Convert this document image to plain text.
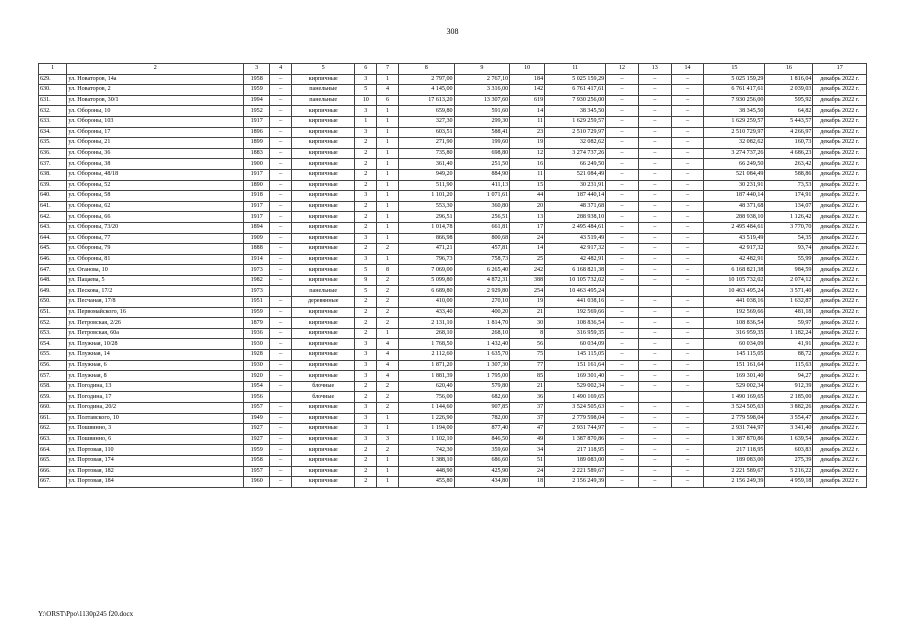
308
1	2	3	4	5	6	7	8	9	10	11	12	13	14	15	16	17
629.	ул. Новаторов, 14а	1958	–	кирпичные	3	1	2 797,00	2 767,10	184	5 025 159,29	–	–	–	5 025 159,29	1 816,04	декабрь 2022 г.
630.	ул. Новаторов, 2	1959	–	панельные	5	4	4 145,00	3 316,00	142	6 761 417,61	–	–	–	6 761 417,61	2 039,03	декабрь 2022 г.
631.	ул. Новаторов, 30/1	1994	–	панельные	10	6	17 613,20	13 307,60	619	7 930 256,00	–	–	–	7 930 256,00	595,92	декабрь 2022 г.
632.	ул. Обороны, 10	1952	–	кирпичные	3	1	659,80	591,60	14	38 345,50	–	–	–	38 345,50	64,82	декабрь 2022 г.
633.	ул. Обороны, 103	1917	–	кирпичные	1	1	327,30	299,30	11	1 629 259,57	–	–	–	1 629 259,57	5 443,57	декабрь 2022 г.
634.	ул. Обороны, 17	1896	–	кирпичные	3	1	603,51	588,41	23	2 510 729,97	–	–	–	2 510 729,97	4 266,97	декабрь 2022 г.
635.	ул. Обороны, 21	1899	–	кирпичные	2	1	271,90	199,60	19	32 082,62	–	–	–	32 082,62	160,73	декабрь 2022 г.
636.	ул. Обороны, 36	1883	–	кирпичные	2	1	735,80	698,80	12	3 274 737,26	–	–	–	3 274 737,26	4 686,23	декабрь 2022 г.
637.	ул. Обороны, 38	1900	–	кирпичные	2	1	361,40	251,50	16	66 249,50	–	–	–	66 249,50	263,42	декабрь 2022 г.
638.	ул. Обороны, 48/18	1917	–	кирпичные	2	1	949,20	884,90	11	521 084,49	–	–	–	521 084,49	588,86	декабрь 2022 г.
639.	ул. Обороны, 52	1890	–	кирпичные	2	1	511,90	411,13	15	30 231,91	–	–	–	30 231,91	73,53	декабрь 2022 г.
640.	ул. Обороны, 58	1918	–	кирпичные	3	1	1 101,20	1 071,61	44	187 440,14	–	–	–	187 440,14	174,91	декабрь 2022 г.
641.	ул. Обороны, 62	1917	–	кирпичные	2	1	553,30	360,80	20	48 371,68	–	–	–	48 371,68	134,07	декабрь 2022 г.
642.	ул. Обороны, 66	1917	–	кирпичные	2	1	296,51	256,51	13	288 938,10	–	–	–	288 938,10	1 126,42	декабрь 2022 г.
643.	ул. Обороны, 73/20	1894	–	кирпичные	2	1	1 014,78	661,81	17	2 495 484,61	–	–	–	2 495 484,61	3 770,70	декабрь 2022 г.
644.	ул. Обороны, 77	1909	–	кирпичные	3	1	866,98	800,68	24	43 519,49	–	–	–	43 519,49	54,35	декабрь 2022 г.
645.	ул. Обороны, 79	1888	–	кирпичные	2	2	471,21	457,81	14	42 917,32	–	–	–	42 917,32	93,74	декабрь 2022 г.
646.	ул. Обороны, 81	1914	–	кирпичные	3	1	796,73	758,73	25	42 482,91	–	–	–	42 482,91	55,99	декабрь 2022 г.
647.	ул. Оганова, 10	1973	–	кирпичные	5	8	7 069,00	6 265,40	242	6 168 821,38	–	–	–	6 168 821,38	984,59	декабрь 2022 г.
648.	ул. Пацаева, 5	1982	–	кирпичные	9	2	5 099,80	4 872,31	388	10 105 732,02	–	–	–	10 105 732,02	2 074,12	декабрь 2022 г.
649.	ул. Пескова, 17/2	1973		панельные	5	2	6 689,80	2 929,80	254	10 463 495,24				10 463 495,24	3 571,40	декабрь 2022 г.
650.	ул. Песчаная, 17/8	1951	–	деревянные	2	2	410,00	270,10	19	441 038,16	–	–	–	441 038,16	1 632,87	декабрь 2022 г.
651.	ул. Первомайского, 16	1959	–	кирпичные	2	2	433,40	400,20	21	192 569,66	–	–	–	192 569,66	481,18	декабрь 2022 г.
652.	ул. Петровская, 2/26	1879	–	кирпичные	2	2	2 131,10	1 814,70	30	108 836,54	–	–	–	108 836,54	59,97	декабрь 2022 г.
653.	ул. Петровская, 60а	1936	–	кирпичные	2	1	268,10	268,10	8	316 959,35	–	–	–	316 959,35	1 182,24	декабрь 2022 г.
654.	ул. Плужная, 10/28	1930	–	кирпичные	3	4	1 768,50	1 432,40	56	60 034,09	–	–	–	60 034,09	41,91	декабрь 2022 г.
655.	ул. Плужная, 14	1928	–	кирпичные	3	4	2 112,60	1 635,70	75	145 115,05	–	–	–	145 115,05	88,72	декабрь 2022 г.
656.	ул. Плужная, 6	1930	–	кирпичные	3	4	1 871,20	1 307,30	77	151 161,64	–	–	–	151 161,64	115,63	декабрь 2022 г.
657.	ул. Плужная, 8	1920	–	кирпичные	3	4	1 881,39	1 795,00	85	169 301,40	–	–	–	169 301,40	94,27	декабрь 2022 г.
658.	ул. Погодина, 13	1954	–	блочные	2	2	620,40	579,80	21	529 002,34	–	–	–	529 002,34	912,39	декабрь 2022 г.
659.	ул. Погодина, 17	1956		блочные	2	2	756,00	682,60	36	1 490 169,65				1 490 169,65	2 185,00	декабрь 2022 г.
660.	ул. Погодина, 20/2	1957	–	кирпичные	3	2	1 144,60	907,85	37	3 524 505,63	–	–	–	3 524 505,63	3 882,26	декабрь 2022 г.
661.	ул. Полтавского, 10	1949	–	кирпичные	3	1	1 226,90	782,00	37	2 779 598,04	–	–	–	2 779 598,04	3 554,47	декабрь 2022 г.
662.	ул. Пошвинно, 3	1927	–	кирпичные	3	1	1 194,00	877,40	47	2 931 744,97	–	–	–	2 931 744,97	3 341,40	декабрь 2022 г.
663.	ул. Пошвинно, 6	1927	–	кирпичные	3	3	1 102,10	846,50	49	1 387 870,86	–	–	–	1 387 870,86	1 639,54	декабрь 2022 г.
664.	ул. Портовая, 110	1959	–	кирпичные	2	2	742,30	359,60	34	217 118,95	–	–	–	217 118,95	603,83	декабрь 2022 г.
665.	ул. Портовая, 174	1958	–	кирпичные	2	1	1 388,10	686,60	51	189 083,00	–	–	–	189 083,00	275,39	декабрь 2022 г.
666.	ул. Портовая, 182	1957	–	кирпичные	2	1	448,90	425,90	24	2 221 589,67	–	–	–	2 221 589,67	5 216,22	декабрь 2022 г.
667.	ул. Портовая, 184	1960	–	кирпичные	2	1	455,80	434,80	18	2 156 249,39	–	–	–	2 156 249,39	4 959,18	декабрь 2022 г.
Y:\ORST\Ppo\1130p245 f20.docx
